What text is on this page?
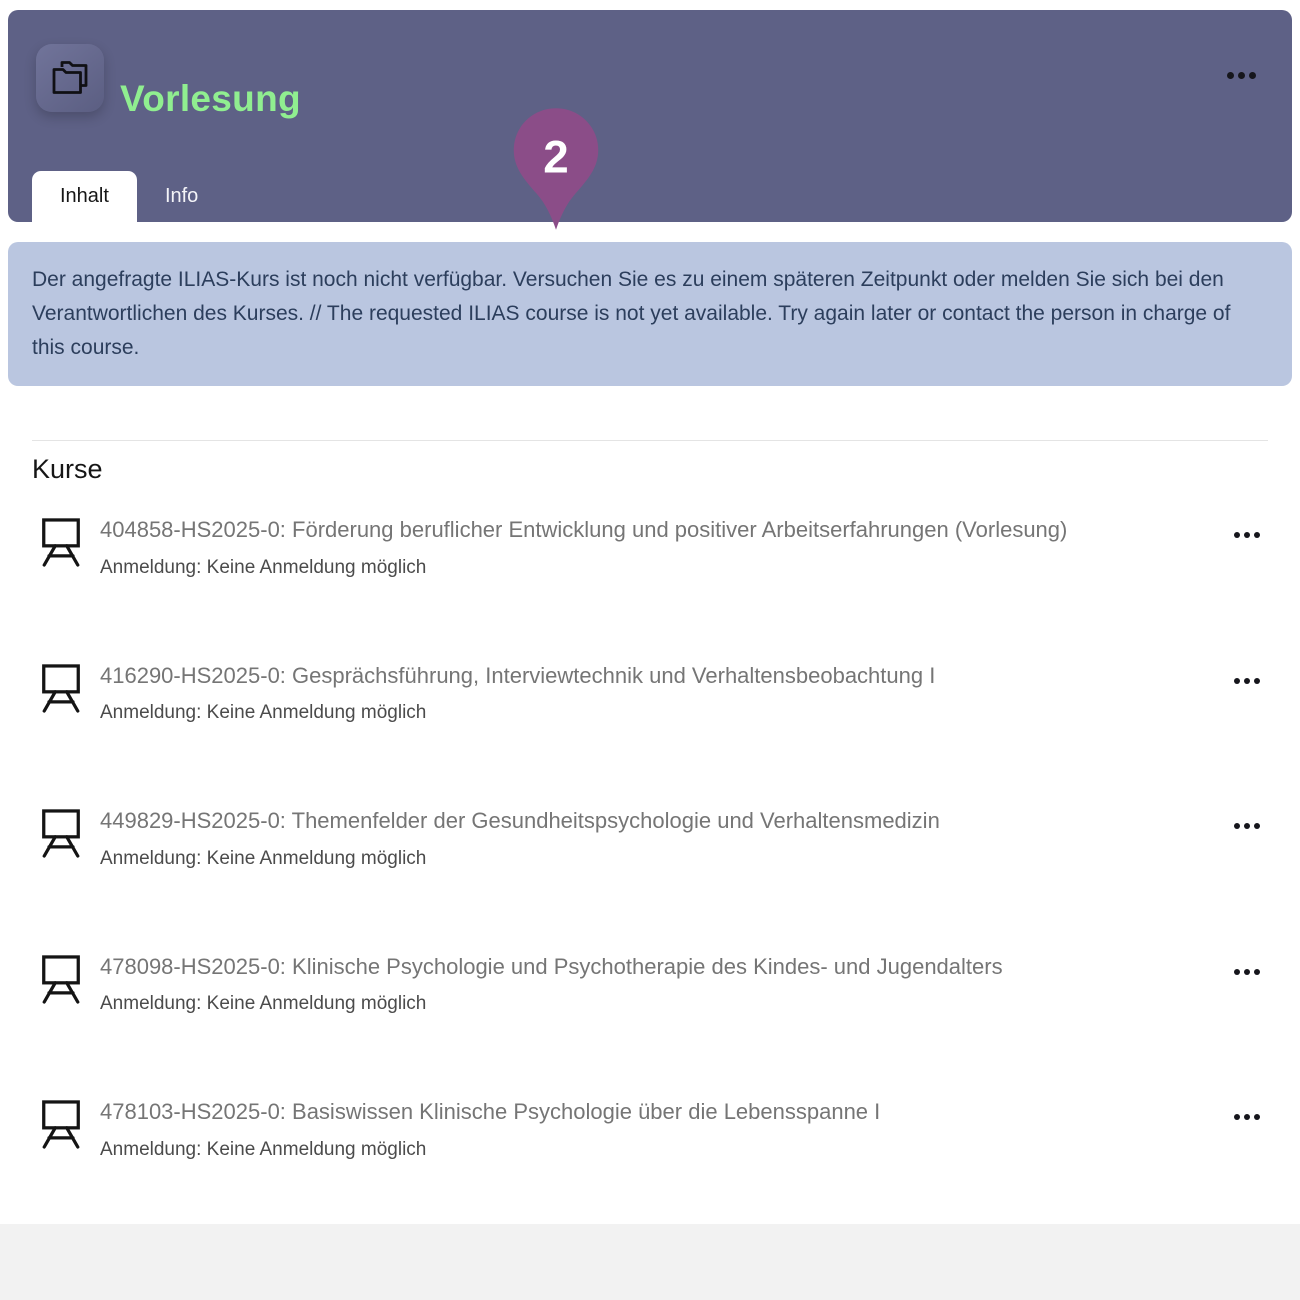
Vorlesung
Inhalt	Info
2

Der angefragte ILIAS-Kurs ist noch nicht verfügbar. Versuchen Sie es zu einem späteren Zeitpunkt oder melden Sie sich bei den Verantwortlichen des Kurses. // The requested ILIAS course is not yet available. Try again later or contact the person in charge of this course.

Kurse
404858-HS2025-0: Förderung beruflicher Entwicklung und positiver Arbeitserfahrungen (Vorlesung)
Anmeldung: Keine Anmeldung möglich
416290-HS2025-0: Gesprächsführung, Interviewtechnik und Verhaltensbeobachtung I
Anmeldung: Keine Anmeldung möglich
449829-HS2025-0: Themenfelder der Gesundheitspsychologie und Verhaltensmedizin
Anmeldung: Keine Anmeldung möglich
478098-HS2025-0: Klinische Psychologie und Psychotherapie des Kindes- und Jugendalters
Anmeldung: Keine Anmeldung möglich
478103-HS2025-0: Basiswissen Klinische Psychologie über die Lebensspanne I
Anmeldung: Keine Anmeldung möglich
